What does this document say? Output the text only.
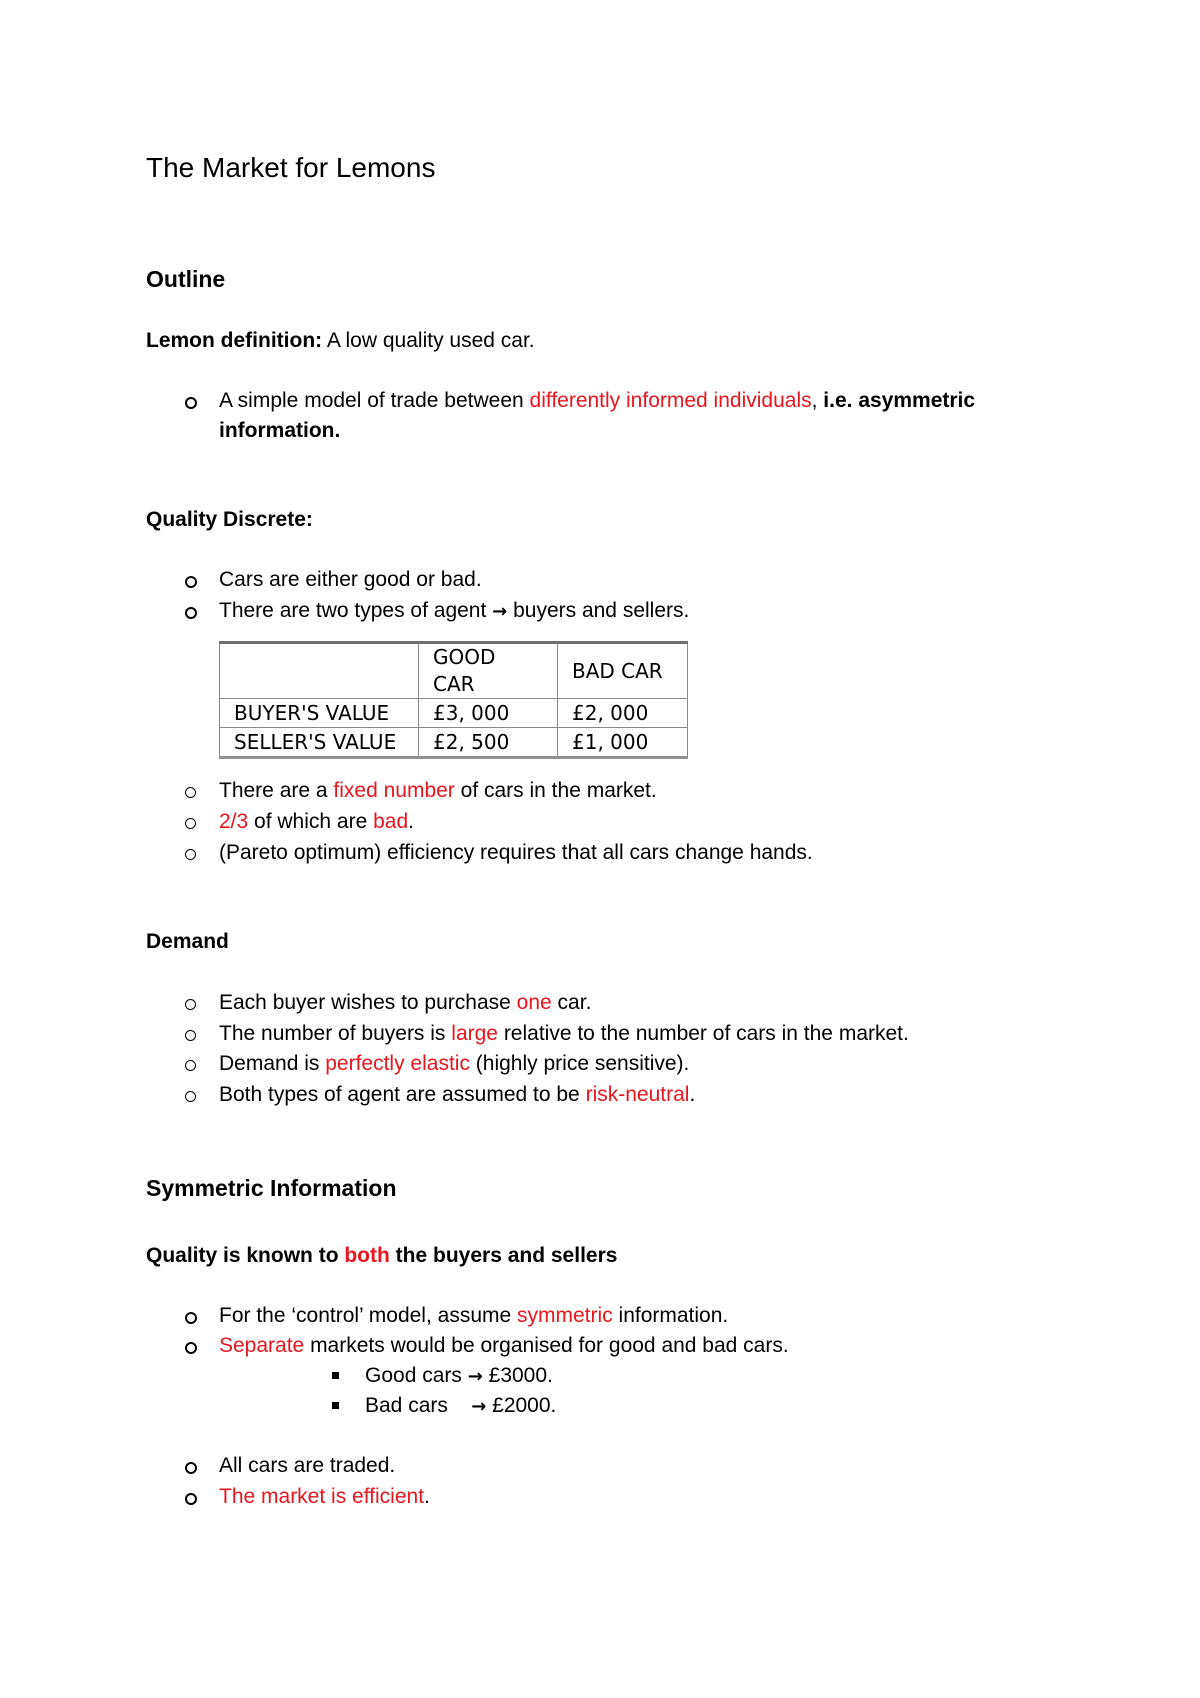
The Market for Lemons
Outline
Lemon definition: A low quality used car.
A simple model of trade between differently informed individuals, i.e. asymmetric
information.
Quality Discrete:
Cars are either good or bad.
There are two types of agent → buyers and sellers.
	GOOD CAR	BAD CAR
BUYER'S VALUE	£3, 000	£2, 000
SELLER'S VALUE	£2, 500	£1, 000
There are a fixed number of cars in the market.
2/3 of which are bad.
(Pareto optimum) efficiency requires that all cars change hands.
Demand
Each buyer wishes to purchase one car.
The number of buyers is large relative to the number of cars in the market.
Demand is perfectly elastic (highly price sensitive).
Both types of agent are assumed to be risk-neutral.
Symmetric Information
Quality is known to both the buyers and sellers
For the ‘control’ model, assume symmetric information.
Separate markets would be organised for good and bad cars.
Good cars → £3000.
Bad cars    → £2000.
All cars are traded.
The market is efficient.
